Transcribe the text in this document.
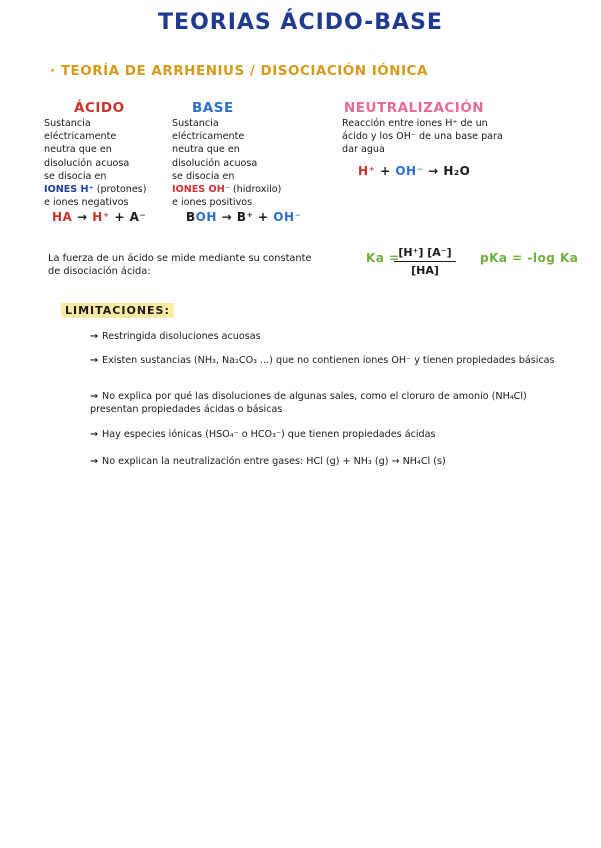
TEORIAS ÁCIDO-BASE
· TEORÍA DE ARRHENIUS / DISOCIACIÓN IÓNICA
ÁCIDO
Sustancia
eléctricamente
neutra que en
disolución acuosa
se disocia en
IONES H⁺ (protones)
e iones negativos
HA → H⁺ + A⁻
BASE
Sustancia
eléctricamente
neutra que en
disolución acuosa
se disocia en
IONES OH⁻ (hidroxilo)
e iones positivos
BOH → B⁺ + OH⁻
NEUTRALIZACIÓN
Reacción entre iones H⁺ de un
ácido y los OH⁻ de una base para
dar agua
H⁺ + OH⁻ → H₂O
La fuerza de un ácido se mide mediante su constante
de disociación ácida:
Ka =
[H⁺] [A⁻]
[HA]
pKa = -log Ka
LIMITACIONES:
→ Restringida disoluciones acuosas
→ Existen sustancias (NH₃, Na₂CO₃ ...) que no contienen iones OH⁻ y tienen propiedades básicas
→ No explica por qué las disoluciones de algunas sales, como el cloruro de amonio (NH₄Cl) presentan propiedades ácidas o básicas
→ Hay especies iónicas (HSO₄⁻ o HCO₃⁻) que tienen propiedades ácidas
→ No explican la neutralización entre gases: HCl (g) + NH₃ (g) → NH₄Cl (s)
